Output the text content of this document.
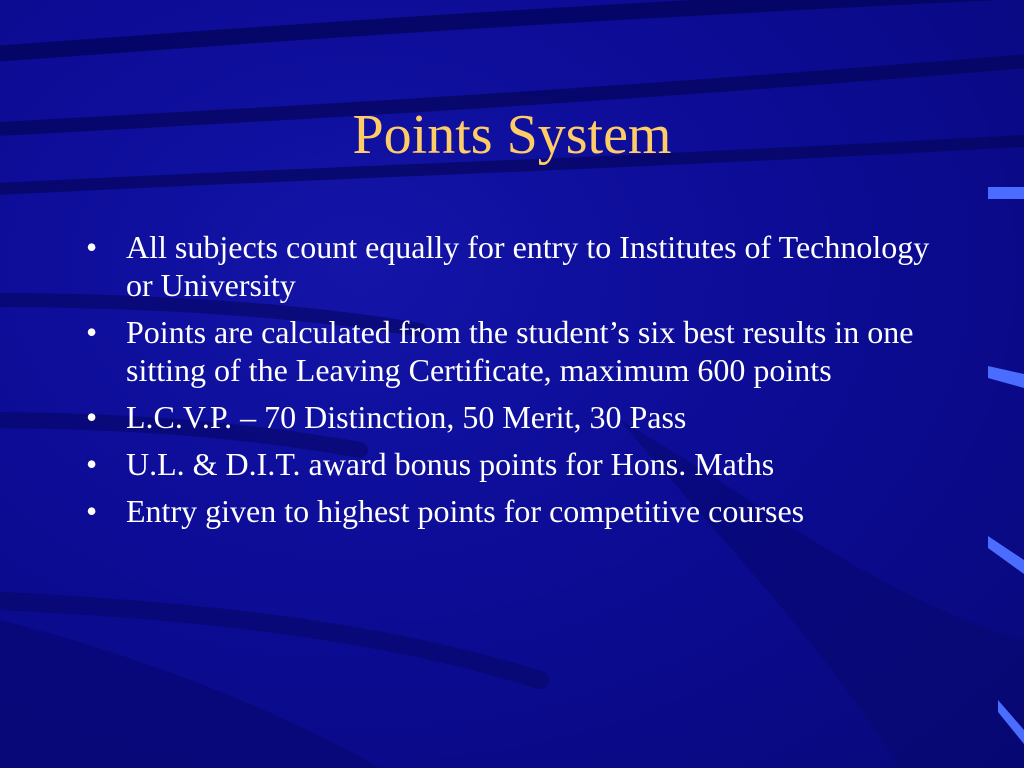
Points System
• All subjects count equally for entry to Institutes of Technology or University
• Points are calculated from the student’s six best results in one sitting of the Leaving Certificate, maximum 600 points
• L.C.V.P. – 70 Distinction, 50 Merit, 30 Pass
• U.L. & D.I.T. award bonus points for Hons. Maths
• Entry given to highest points for competitive courses
